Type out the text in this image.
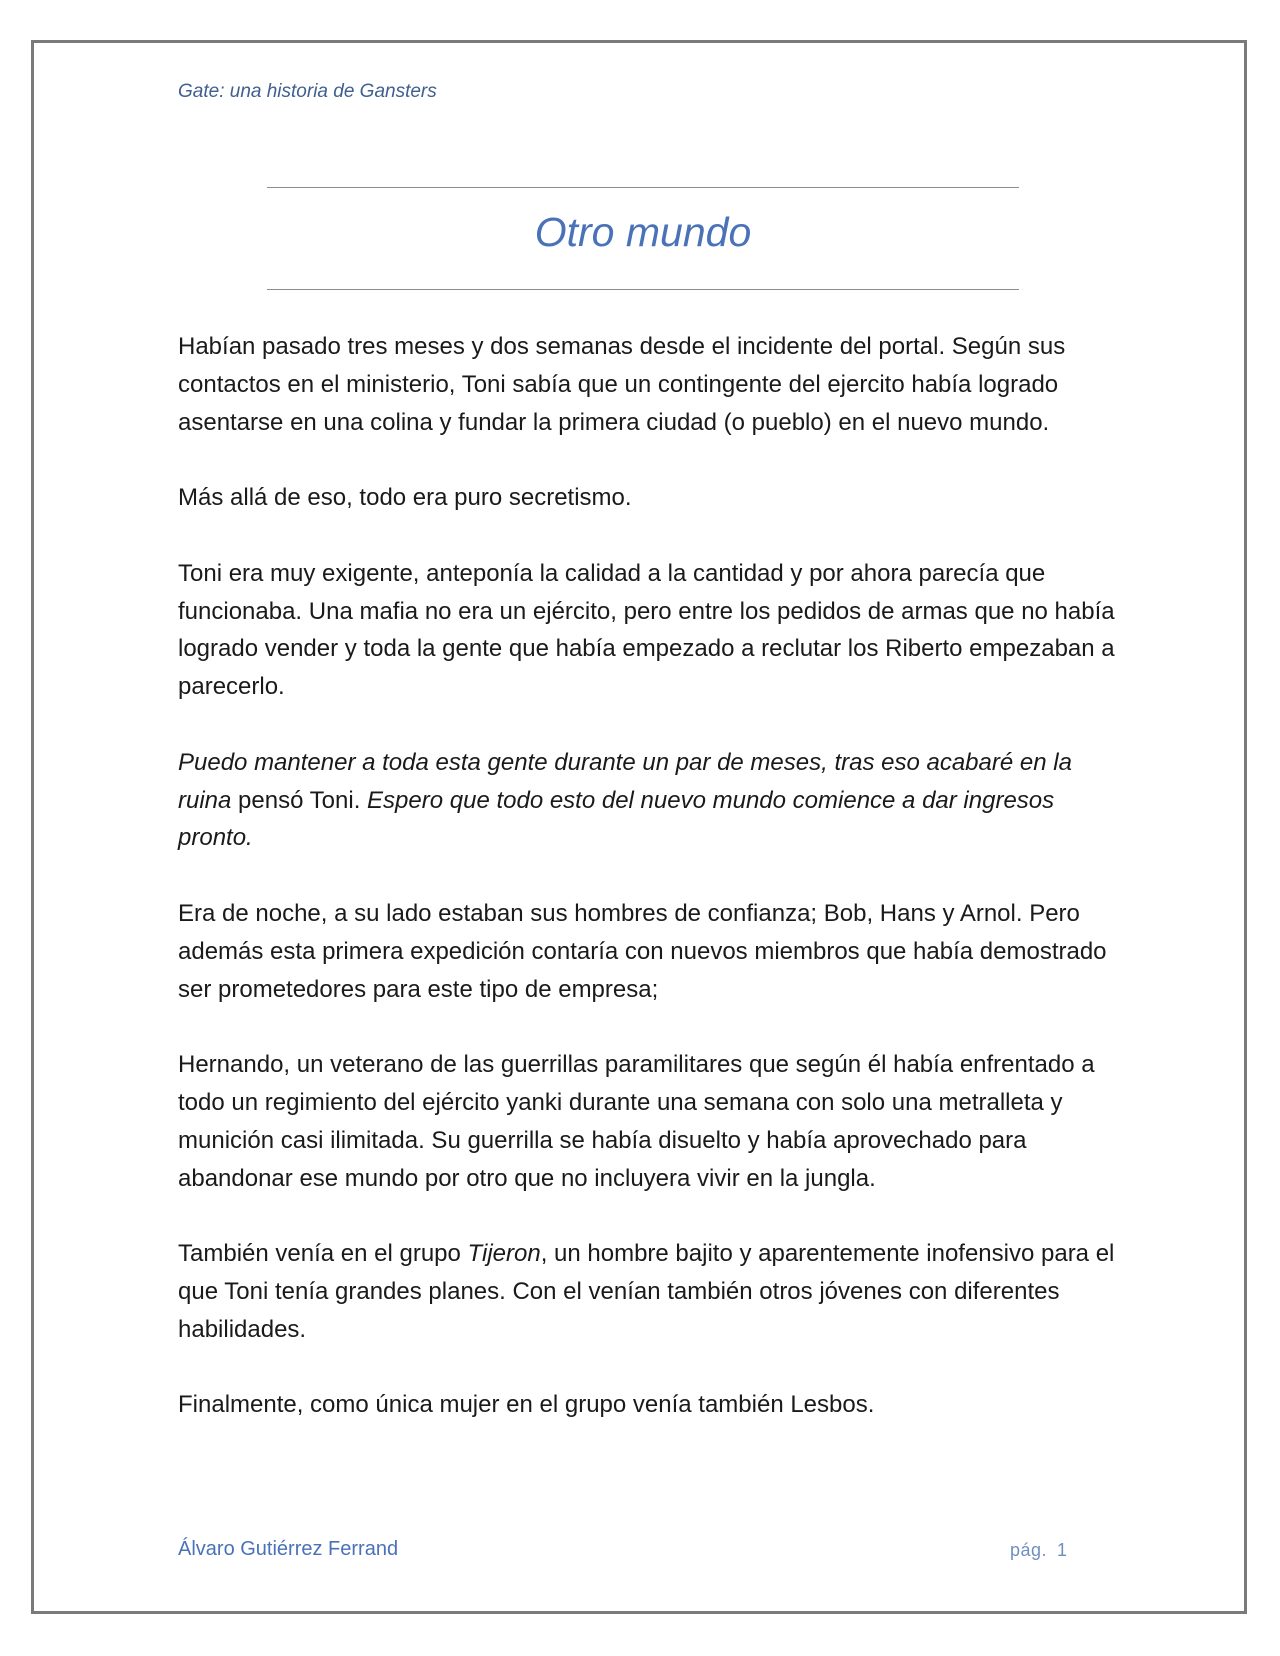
Gate: una historia de Gansters
Otro mundo

Habían pasado tres meses y dos semanas desde el incidente del portal. Según sus contactos en el ministerio, Toni sabía que un contingente del ejercito había logrado asentarse en una colina y fundar la primera ciudad (o pueblo) en el nuevo mundo.

Más allá de eso, todo era puro secretismo.

Toni era muy exigente, anteponía la calidad a la cantidad y por ahora parecía que funcionaba. Una mafia no era un ejército, pero entre los pedidos de armas que no había logrado vender y toda la gente que había empezado a reclutar los Riberto empezaban a parecerlo.

Puedo mantener a toda esta gente durante un par de meses, tras eso acabaré en la ruina pensó Toni. Espero que todo esto del nuevo mundo comience a dar ingresos pronto.

Era de noche, a su lado estaban sus hombres de confianza; Bob, Hans y Arnol. Pero además esta primera expedición contaría con nuevos miembros que había demostrado ser prometedores para este tipo de empresa;

Hernando, un veterano de las guerrillas paramilitares que según él había enfrentado a todo un regimiento del ejército yanki durante una semana con solo una metralleta y munición casi ilimitada. Su guerrilla se había disuelto y había aprovechado para abandonar ese mundo por otro que no incluyera vivir en la jungla.

También venía en el grupo Tijeron, un hombre bajito y aparentemente inofensivo para el que Toni tenía grandes planes. Con el venían también otros jóvenes con diferentes habilidades.

Finalmente, como única mujer en el grupo venía también Lesbos.

Álvaro Gutiérrez Ferrand	pág. 1
